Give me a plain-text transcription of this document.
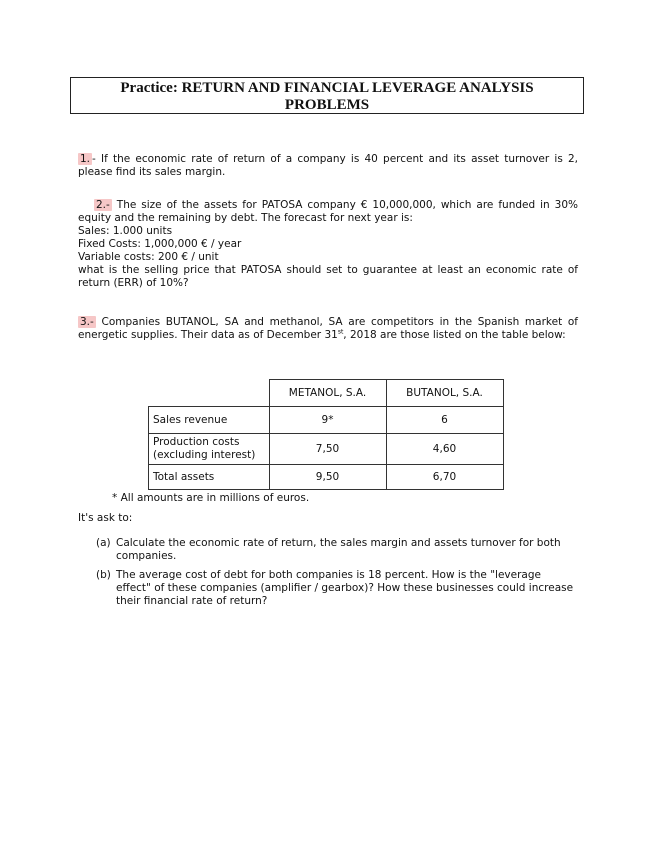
Practice: RETURN AND FINANCIAL LEVERAGE ANALYSIS
PROBLEMS
1. - If the economic rate of return of a company is 40 percent and its asset turnover is 2, please find its sales margin.
2.- The size of the assets for PATOSA company € 10,000,000, which are funded in 30% equity and the remaining by debt. The forecast for next year is:
Sales: 1.000 units
Fixed Costs: 1,000,000 € / year
Variable costs: 200 € / unit
what is the selling price that PATOSA should set to guarantee at least an economic rate of return (ERR) of 10%?
3.- Companies BUTANOL, SA and methanol, SA are competitors in the Spanish market of energetic supplies. Their data as of December 31st, 2018 are those listed on the table below:
	METANOL, S.A.	BUTANOL, S.A.
Sales revenue	9*	6

Production costs
(excluding interest)	7,50	4,60
Total assets	9,50	6,70
* All amounts are in millions of euros.
It's ask to:
(a) Calculate the economic rate of return, the sales margin and assets turnover for both companies.
(b) The average cost of debt for both companies is 18 percent. How is the "leverage effect" of these companies (amplifier / gearbox)? How these businesses could increase their financial rate of return?
